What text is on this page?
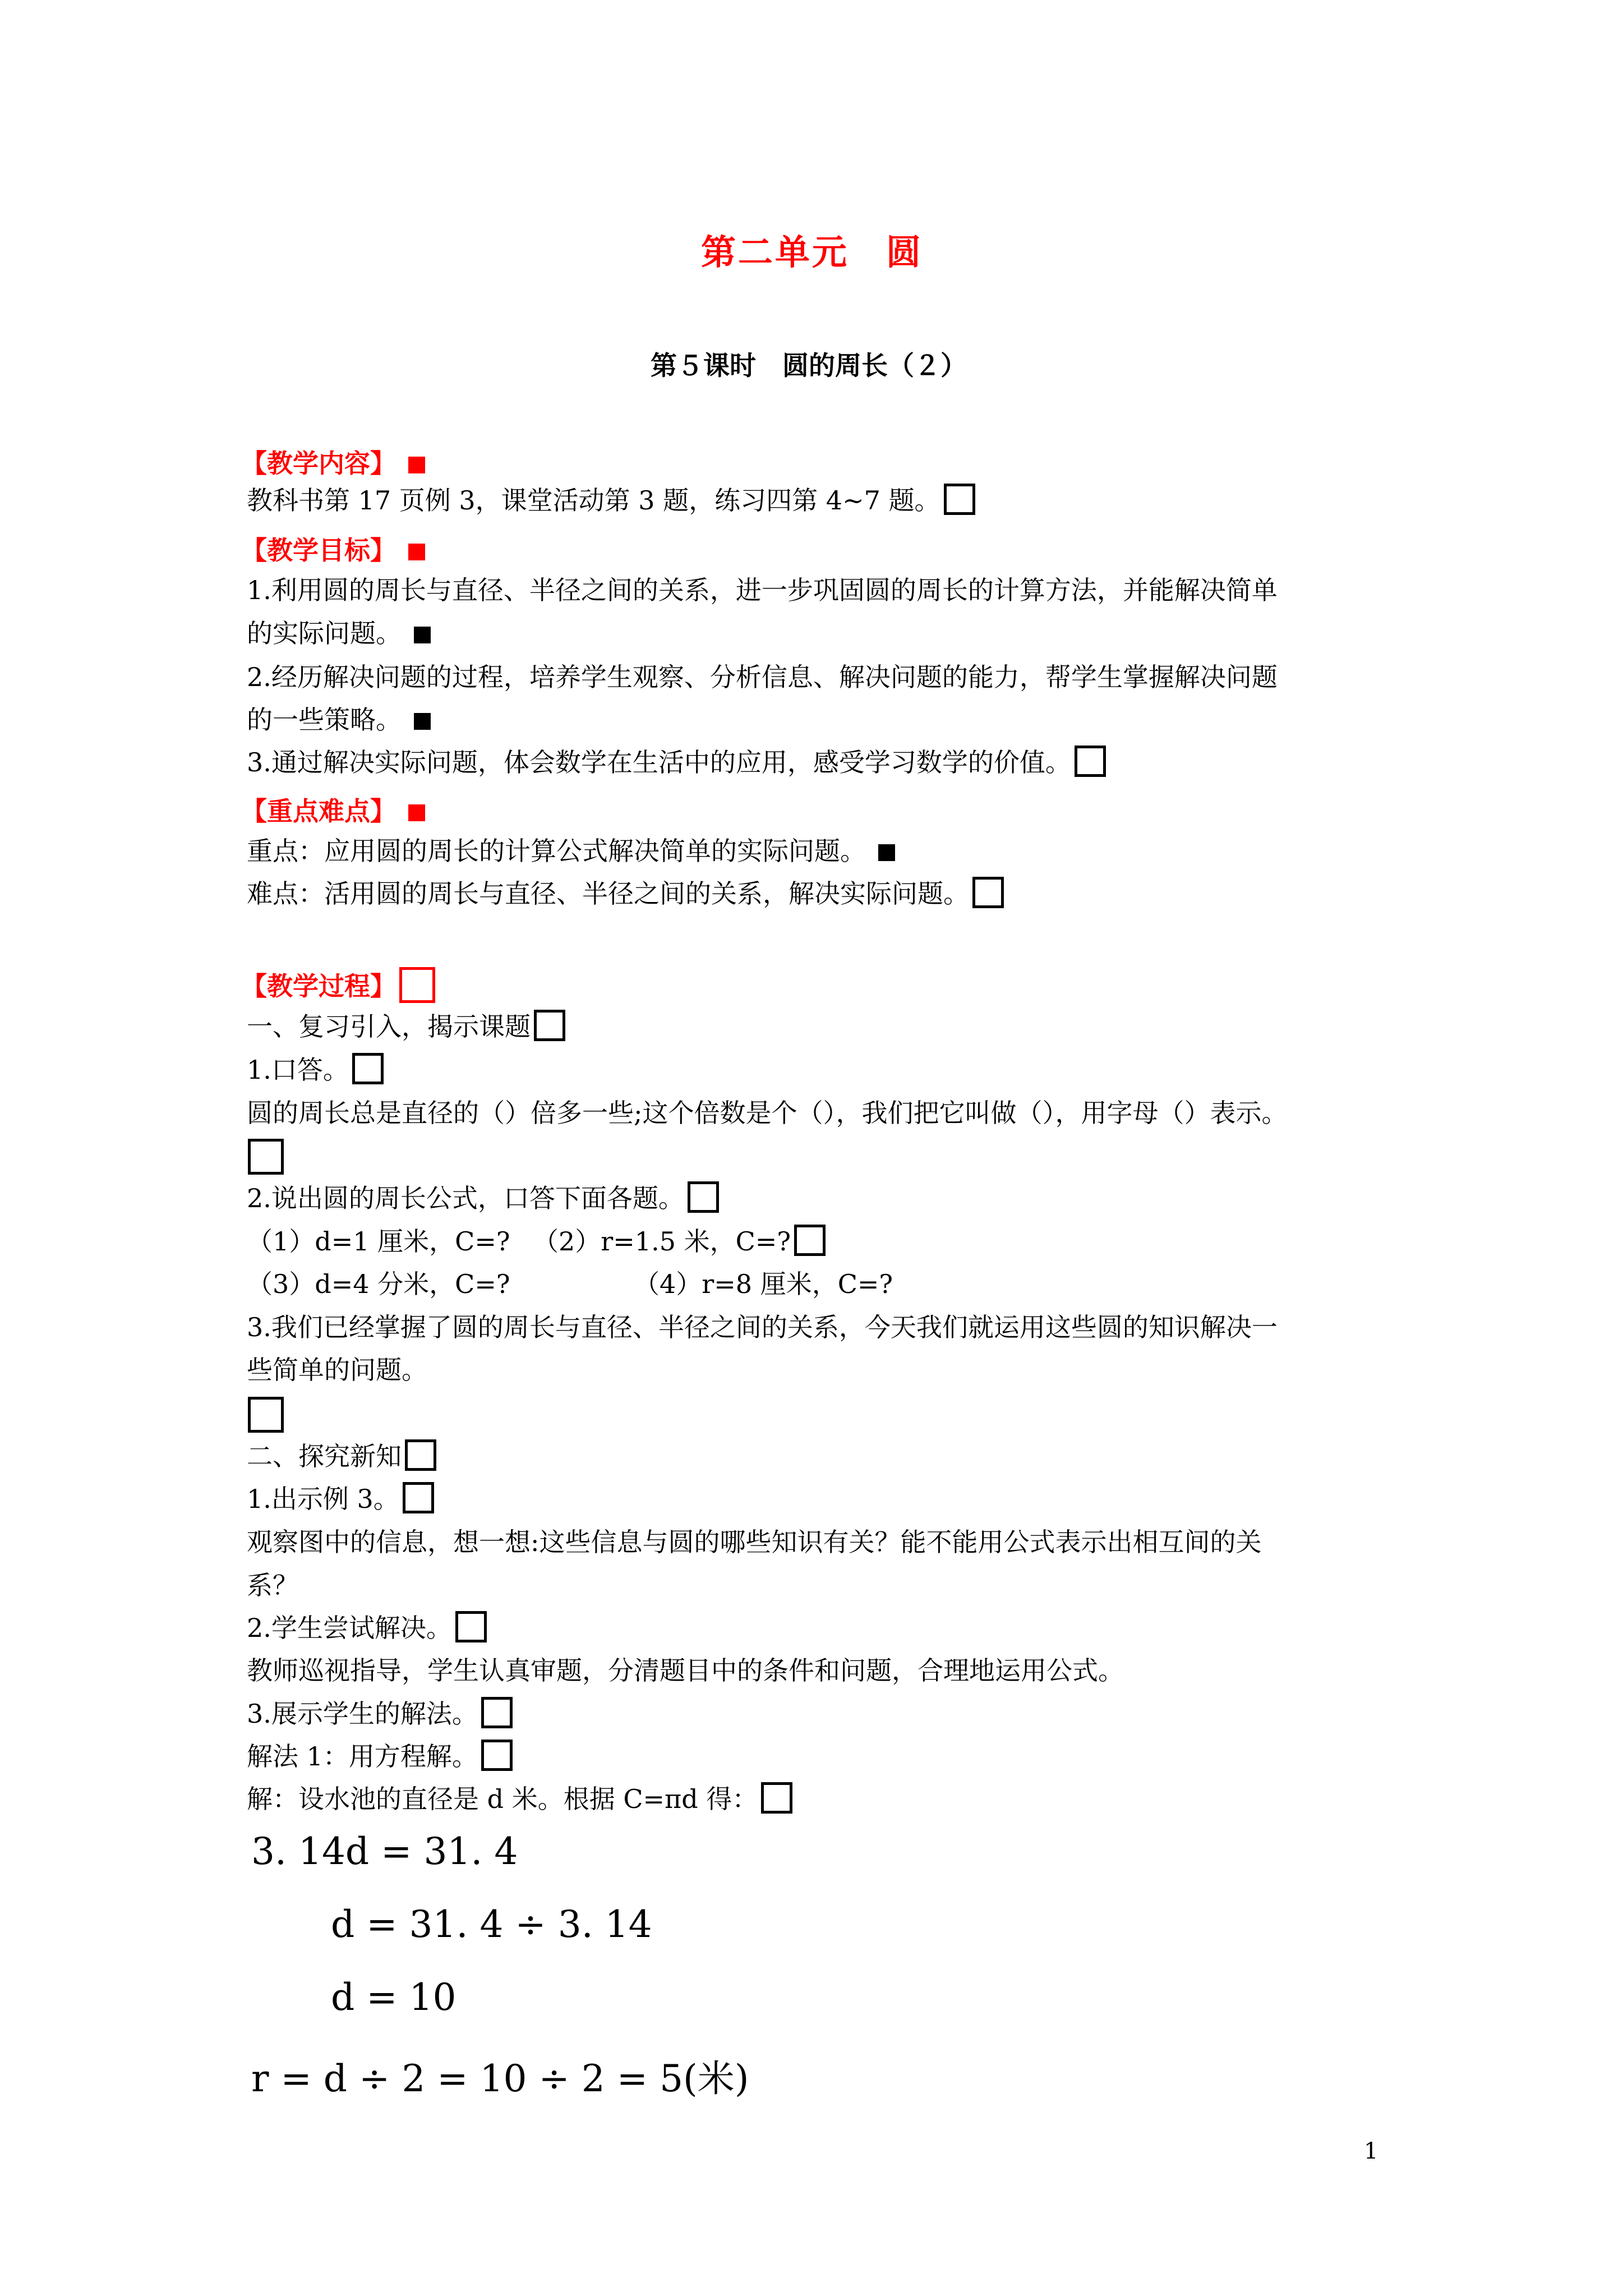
第二单元　圆
第５课时　圆的周长（２）
【教学内容】
教科书第 17 页例 3，课堂活动第 3 题，练习四第 4~7 题。
【教学目标】
1.利用圆的周长与直径、半径之间的关系，进一步巩固圆的周长的计算方法，并能解决简单
的实际问题。
2.经历解决问题的过程，培养学生观察、分析信息、解决问题的能力，帮学生掌握解决问题
的一些策略。
3.通过解决实际问题，体会数学在生活中的应用，感受学习数学的价值。
【重点难点】
重点：应用圆的周长的计算公式解决简单的实际问题。
难点：活用圆的周长与直径、半径之间的关系，解决实际问题。
【教学过程】
一、复习引入，揭示课题
1.口答。
圆的周长总是直径的（）倍多一些;这个倍数是个（），我们把它叫做（），用字母（）表示。
2.说出圆的周长公式，口答下面各题。
（1）d=1 厘米，C=? （2）r=1.5 米，C=?
（3）d=4 分米，C=?	（4）r=8 厘米，C=?
3.我们已经掌握了圆的周长与直径、半径之间的关系，今天我们就运用这些圆的知识解决一
些简单的问题。
二、探究新知
1.出示例 3。
观察图中的信息，想一想:这些信息与圆的哪些知识有关？能不能用公式表示出相互间的关
系？
2.学生尝试解决。
教师巡视指导，学生认真审题，分清题目中的条件和问题，合理地运用公式。
3.展示学生的解法。
解法 1：用方程解。
解：设水池的直径是 d 米。根据 C=πd 得：
3. 14d = 31. 4
d = 31. 4 ÷ 3. 14
d = 10
r = d ÷ 2 = 10 ÷ 2 = 5(米)
1
